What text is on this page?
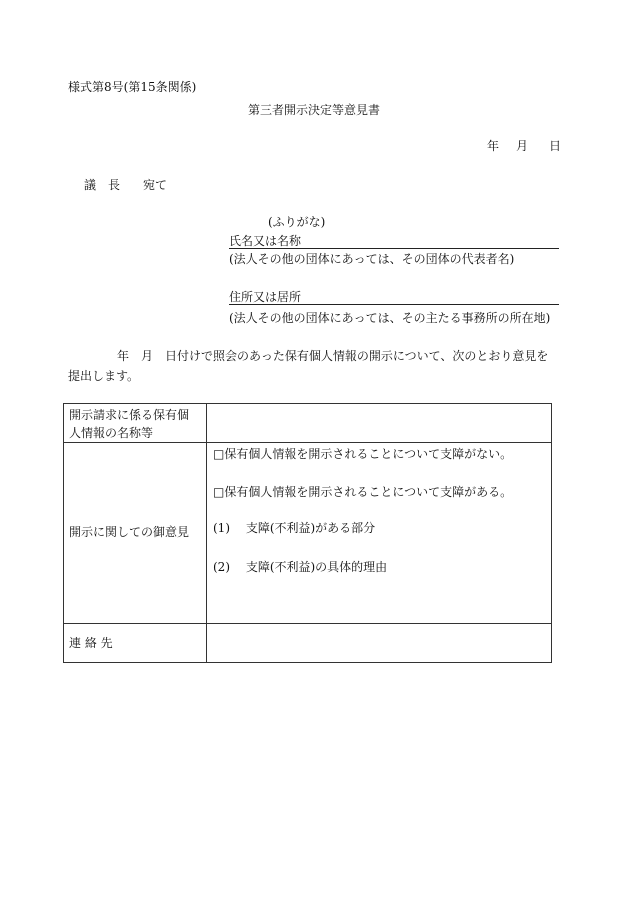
様式第8号(第15条関係)
第三者開示決定等意見書
年 月 日
議　長 宛て
(ふりがな)
氏名又は名称
(法人その他の団体にあっては、その団体の代表者名)
住所又は居所
(法人その他の団体にあっては、その主たる事務所の所在地)
年　月　日付けで照会のあった保有個人情報の開示について、次のとおり意見を
提出します。
開示請求に係る保有個
人情報の名称等
開示に関しての御意見
□保有個人情報を開示されることについて支障がない。
□保有個人情報を開示されることについて支障がある。
(1)　 支障(不利益)がある部分
(2)　 支障(不利益)の具体的理由
連 絡 先
